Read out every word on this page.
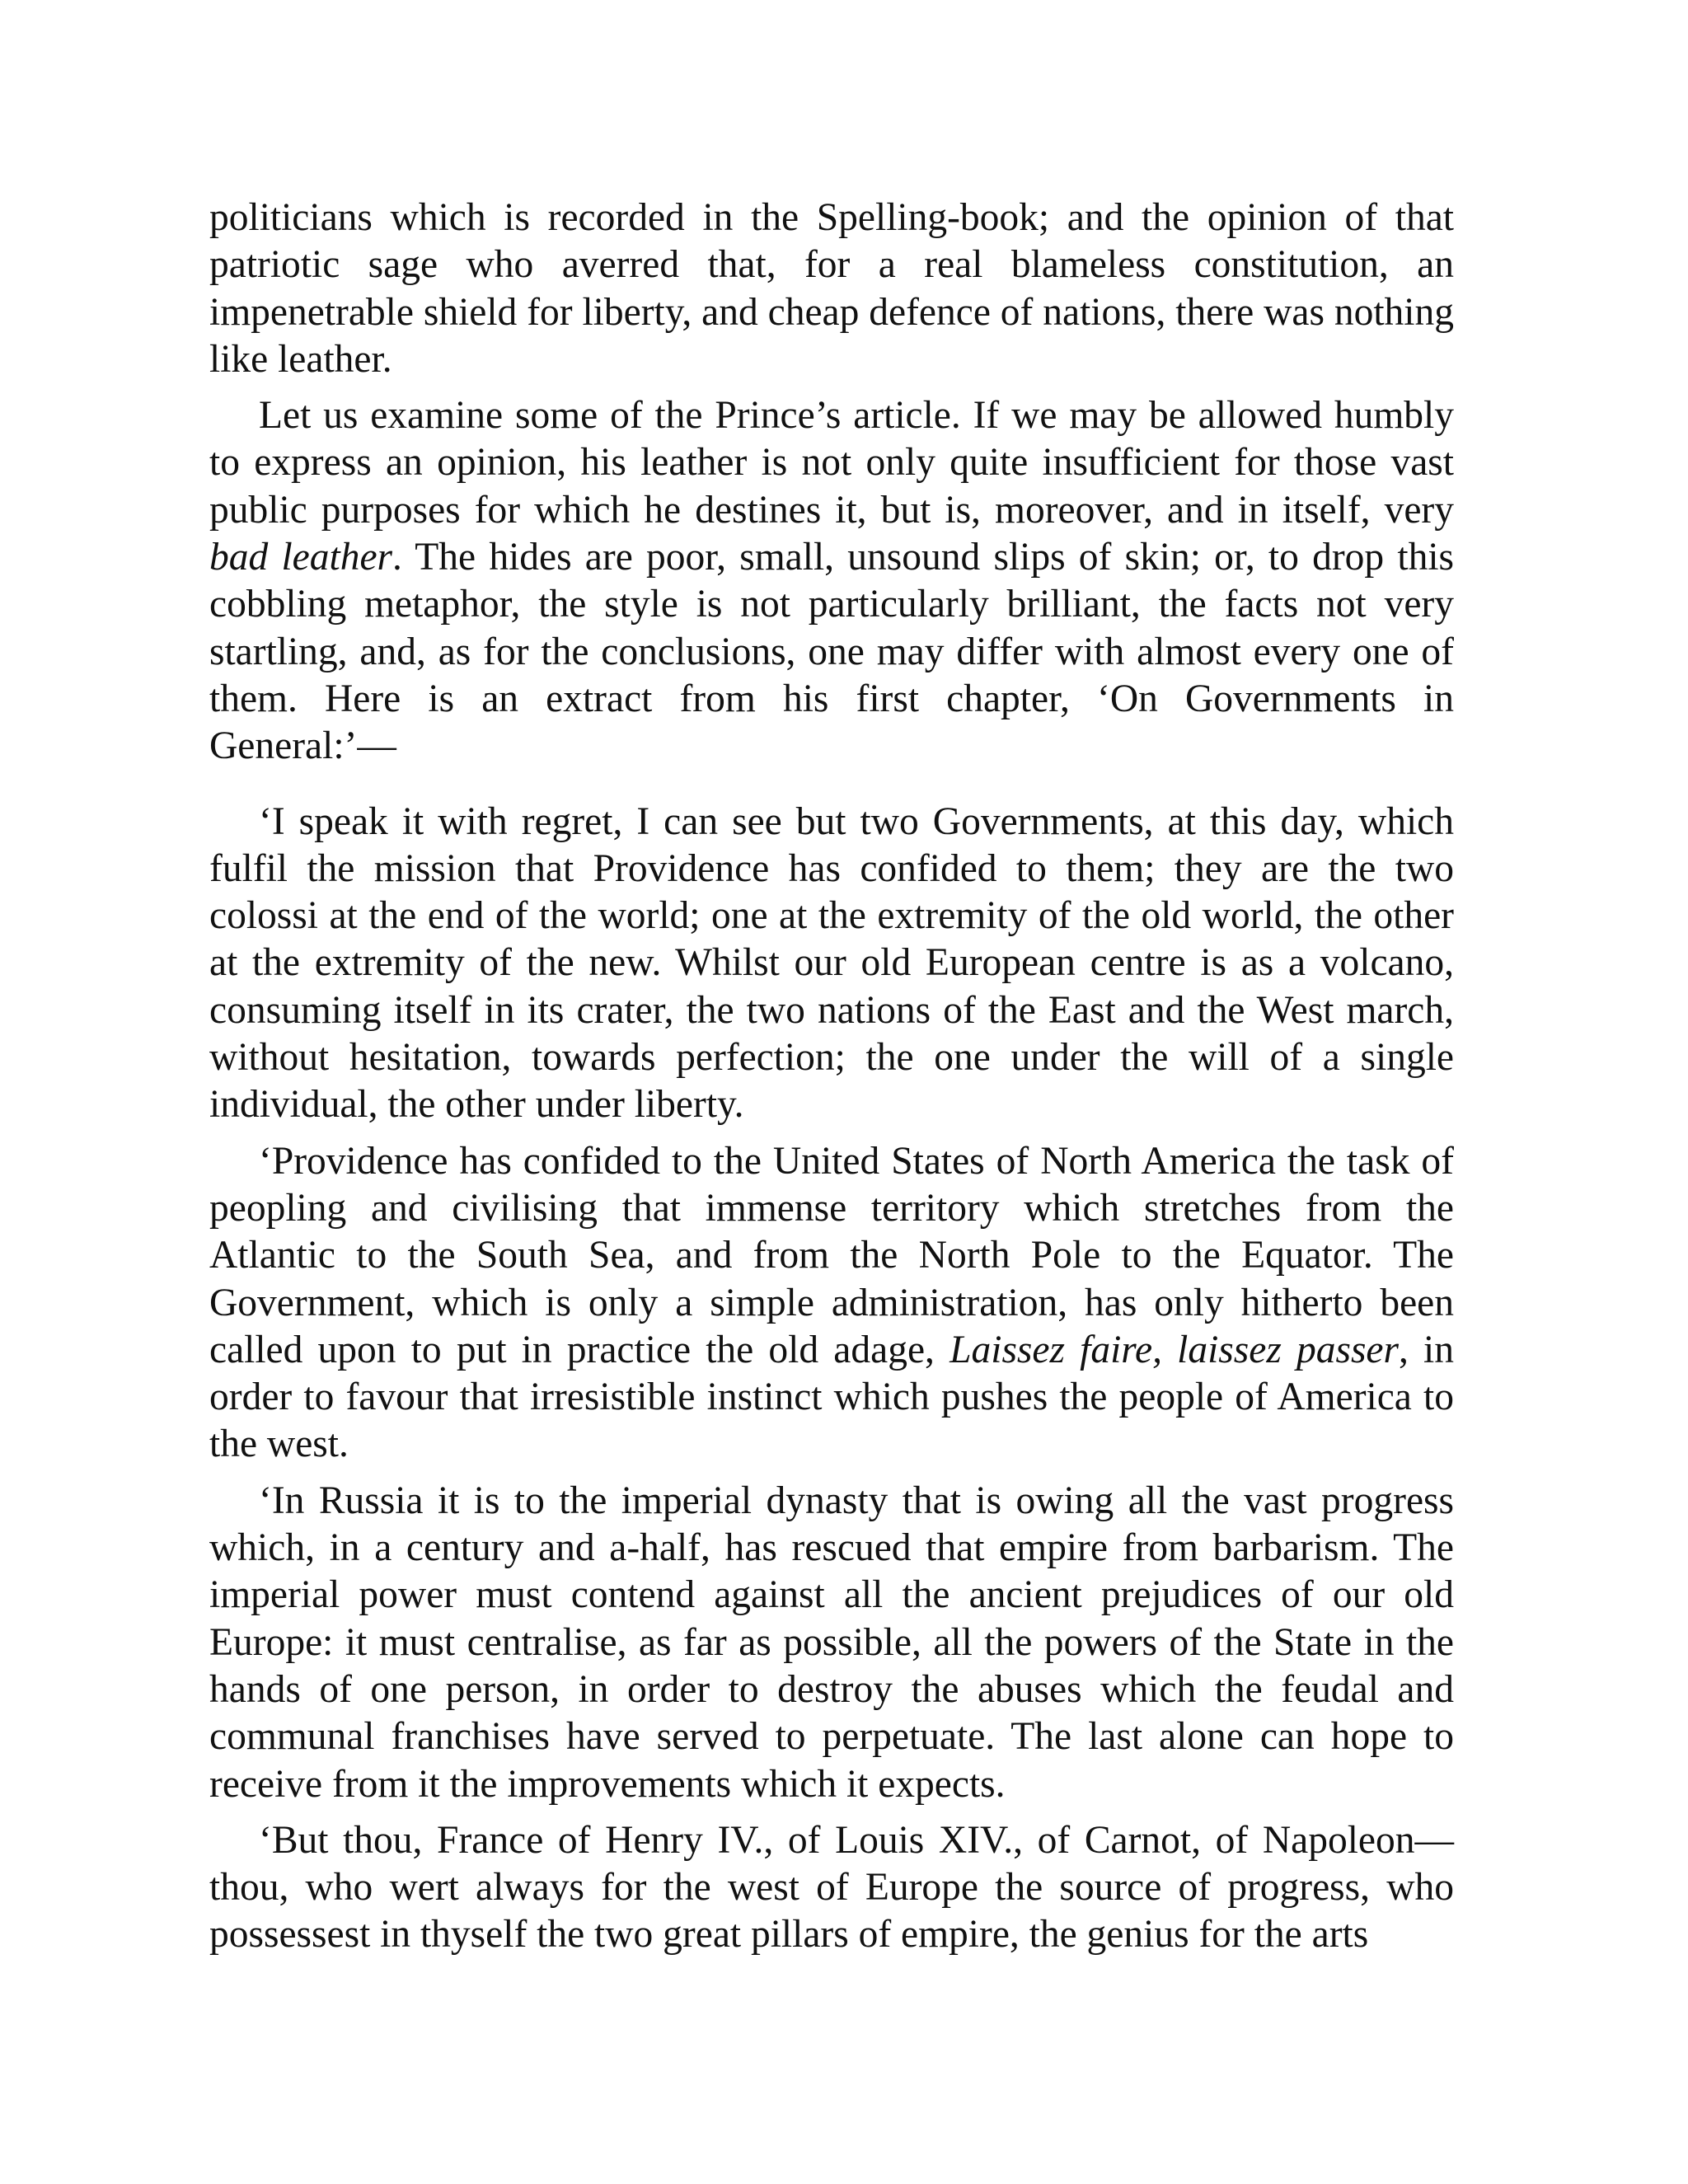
politicians which is recorded in the Spelling-book; and the opinion of that patriotic sage who averred that, for a real blameless constitution, an impenetrable shield for liberty, and cheap defence of nations, there was nothing like leather.

Let us examine some of the Prince’s article. If we may be allowed humbly to express an opinion, his leather is not only quite insufficient for those vast public purposes for which he destines it, but is, moreover, and in itself, very bad leather. The hides are poor, small, unsound slips of skin; or, to drop this cobbling metaphor, the style is not particularly brilliant, the facts not very startling, and, as for the conclusions, one may differ with almost every one of them. Here is an extract from his first chapter, ‘On Governments in General:’—

‘I speak it with regret, I can see but two Governments, at this day, which fulfil the mission that Providence has confided to them; they are the two colossi at the end of the world; one at the extremity of the old world, the other at the extremity of the new. Whilst our old European centre is as a volcano, consuming itself in its crater, the two nations of the East and the West march, without hesitation, towards perfection; the one under the will of a single individual, the other under liberty.

‘Providence has confided to the United States of North America the task of peopling and civilising that immense territory which stretches from the Atlantic to the South Sea, and from the North Pole to the Equator. The Government, which is only a simple administration, has only hitherto been called upon to put in practice the old adage, Laissez faire, laissez passer, in order to favour that irresistible instinct which pushes the people of America to the west.

‘In Russia it is to the imperial dynasty that is owing all the vast progress which, in a century and a-half, has rescued that empire from barbarism. The imperial power must contend against all the ancient prejudices of our old Europe: it must centralise, as far as possible, all the powers of the State in the hands of one person, in order to destroy the abuses which the feudal and communal franchises have served to perpetuate. The last alone can hope to receive from it the improvements which it expects.

‘But thou, France of Henry IV., of Louis XIV., of Carnot, of Napoleon—thou, who wert always for the west of Europe the source of progress, who possessest in thyself the two great pillars of empire, the genius for the arts
